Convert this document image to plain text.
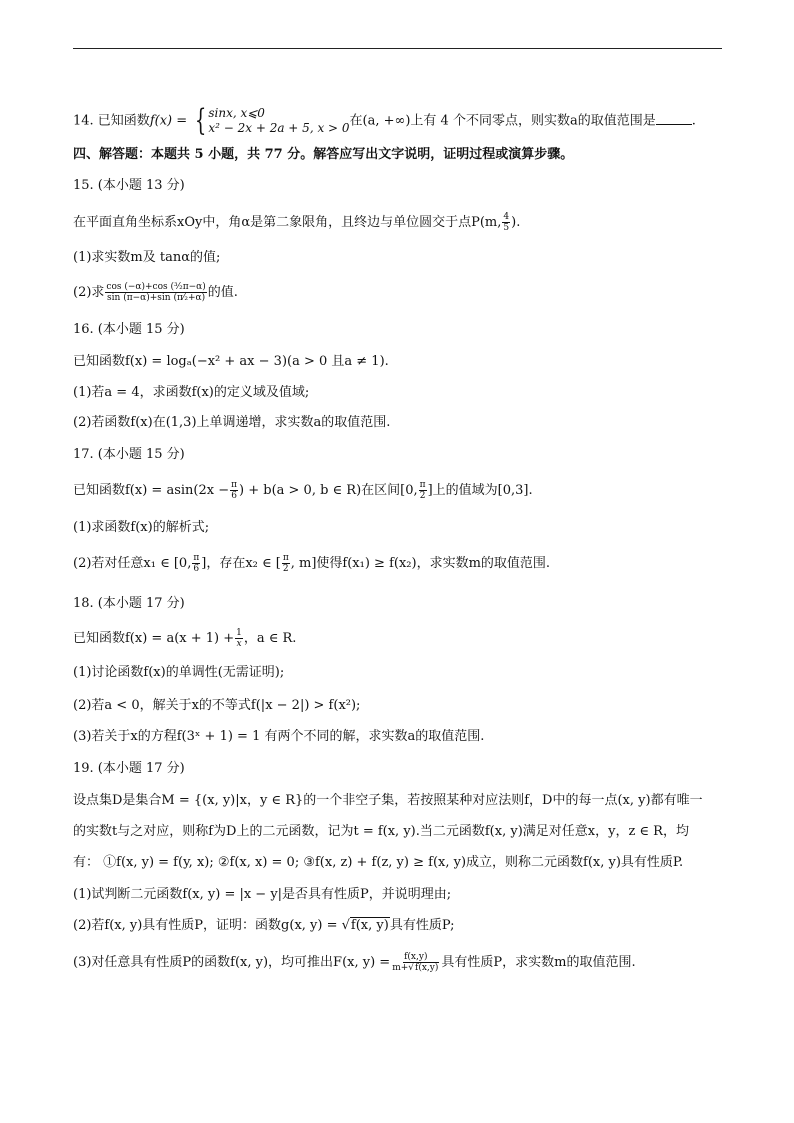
14. 已知函数f(x) = { sinx, x⩽0
x² − 2x + 2a + 5, x > 0 在(a, +∞)上有 4 个不同零点，则实数a的取值范围是	.
四、解答题：本题共 5 小题，共 77 分。解答应写出文字说明，证明过程或演算步骤。
15. (本小题 13 分)
在平面直角坐标系xOy中，角α是第二象限角，且终边与单位圆交于点P(m, $\frac{4}{5}$ ).
(1)求实数m及 tanα的值;
(2)求 $\frac{\text{cos (−α)+cos (³⁄₂π−α)}}{\text{sin (π−α)+sin (π⁄₂+α)}}$ 的值.
16. (本小题 15 分)
已知函数f(x) = logₐ(−x² + ax − 3)(a > 0 且a ≠ 1).
(1)若a = 4，求函数f(x)的定义域及值域;
(2)若函数f(x)在(1,3)上单调递增，求实数a的取值范围.
17. (本小题 15 分)
已知函数$f(x) = asin(2x - \frac{\pi}{6}$ ) + b(a > 0, b ∈ R)在区间[0, $\frac{\pi}{2}$ ]上的值域为[0,3].
(1)求函数f(x)的解析式;
(2)若对任意x₁ ∈ [0, $\frac{\pi}{6}$ ]，存在x₂ ∈ [ $\frac{\pi}{2}$ , m]使得f(x₁) ≥ f(x₂)，求实数m的取值范围.
18. (本小题 17 分)
已知函数$f(x) = a(x + 1) + \frac{1}{x}$ ，a ∈ R.
(1)讨论函数f(x)的单调性(无需证明);
(2)若a < 0，解关于x的不等式f(|x − 2|) > f(x²);
(3)若关于x的方程f(3ˣ + 1) = 1 有两个不同的解，求实数a的取值范围.
19. (本小题 17 分)
设点集D是集合M = {(x, y)|x，y ∈ R}的一个非空子集，若按照某种对应法则f，D中的每一点(x, y)都有唯一
的实数t与之对应，则称f为D上的二元函数，记为t = f(x, y).当二元函数f(x, y)满足对任意x，y，z ∈ R，均
有： ①f(x, y) = f(y, x); ②f(x, x) = 0; ③f(x, z) + f(z, y) ≥ f(x, y)成立，则称二元函数f(x, y)具有性质P.
(1)试判断二元函数f(x, y) = |x − y|是否具有性质P，并说明理由;
(2)若f(x, y)具有性质P，证明：函数g(x, y) = √f(x, y)具有性质P;
(3)对任意具有性质P的函数f(x, y)，均可推出F(x, $y) = \frac{f(x,y)}{m+√f(x,y)}$ 具有性质P，求实数m的取值范围.
